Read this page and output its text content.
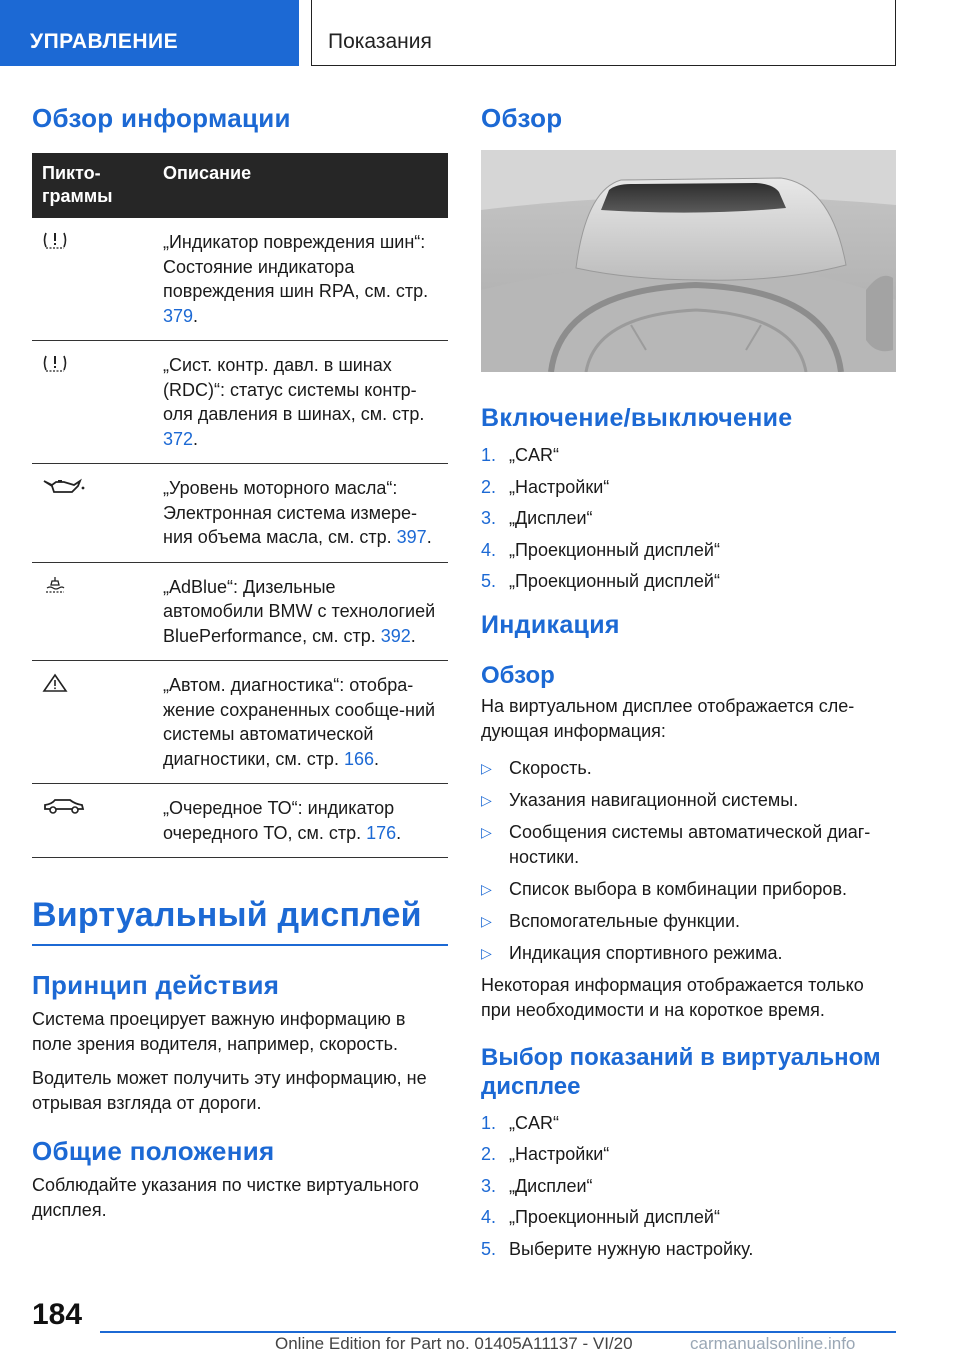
УПРАВЛЕНИЕ	Показания
Обзор информации
Пикто-
граммы	Описание

	„Индикатор повреждения шин“: Состояние индикатора повреждения шин RPA, см. стр. 379.

	„Сист. контр. давл. в шинах (RDC)“: статус системы контр-оля давления в шинах, см. стр. 372.

	„Уровень моторного масла“: Электронная система измере-ния объема масла, см. стр. 397.

	„AdBlue“: Дизельные автомобили BMW с технологией BluePerformance, см. стр. 392.

	„Автом. диагностика“: отобра-жение сохраненных сообще-ний системы автоматической диагностики, см. стр. 166.

	„Очередное ТО“: индикатор очередного ТО, см. стр. 176.
Виртуальный дисплей
Принцип действия

Система проецирует важную информацию в поле зрения водителя, например, скорость.

Водитель может получить эту информацию, не отрывая взгляда от дороги.

Общие положения

Соблюдайте указания по чистке виртуального дисплея.

Обзор
Включение/выключение
1. „CAR“
2. „Настройки“
3. „Дисплеи“
4. „Проекционный дисплей“
5. „Проекционный дисплей“
Индикация
Обзор

На виртуальном дисплее отображается сле-дующая информация:

▷ Скорость.
▷ Указания навигационной системы.
▷ Сообщения системы автоматической диаг-ностики.
▷ Список выбора в комбинации приборов.
▷ Вспомогательные функции.
▷ Индикация спортивного режима.

Некоторая информация отображается только при необходимости и на короткое время.

Выбор показаний в виртуальном дисплее
1. „CAR“
2. „Настройки“
3. „Дисплеи“
4. „Проекционный дисплей“
5. Выберите нужную настройку.
184
Online Edition for Part no. 01405A11137 - VI/20	carmanualsonline.info
